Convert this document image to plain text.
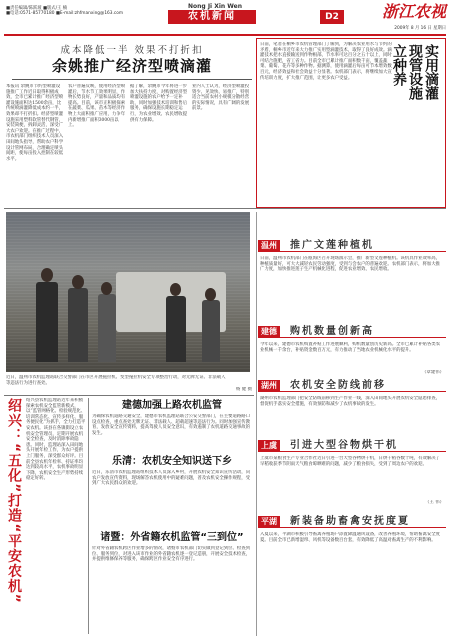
■责任编辑/陈跃坡 ■版式/王 楠
■电话:0571-85770180 ■E-mail:zhfmanxing@163.com
Nong Ji Xin Wen
农机新闻	D2	浙江农视
2009年 8 月 16 日 星期日
成本降低一半 效果不打折扣
余姚推广经济型喷滴灌
本报讯 余姚市节约型喷灌设施推广工作近日取得积极成效，全市已累计推广经济型喷灌设施面积达1500余亩，比传统喷滴灌降低成本约一半，效果却不打折扣。经济型喷灌设施采用塑料软管替代钢管，安装简便，拆卸灵活，深受广大农户欢迎。在推广过程中，市农机部门组织技术人员深入田间地头指导，帮助农户科学设计管网布局，合理确定喷头间距，使每亩投入控制在较低水平。
农户普遍反映，使用经济型喷灌后，节水节工效果明显，作物长势良好，产量和品质均有提高。目前，该市正积极探索在蔬菜、瓜果、苗木等经济作物上大面积推广应用，力争年内新增推广面积3000亩以上。
据了解，余姚市今年将进一步加大扶持力度，对购置经济型喷灌设施的农户给予一定补助，同时加强技术培训和售后服务，确保设施长期稳定运行，为农业增效、农民增收提供有力保障。
业内人士认为，经济型喷灌投资少、见效快、易推广，特别适合当前农村小规模分散经营的实际情况，具有广阔的发展前景。
日前，笔者在桐乡市农机管理部门了解到，为解决农业用水与节约的矛盾，桐乡市近年来大力推广实用型滴灌技术，取得了良好成效。滴灌技术把水直接输送到作物根部，节水率可达百分之五十以上，同时可结合施肥，省工省力。目前全市已累计推广面积数千亩，覆盖蔬菜、葡萄、花卉等多种作物。据测算，使用滴灌后每亩可节本增效数百元，经济效益和社会效益十分显著。农机部门表示，将继续加大宣传培训力度，扩大推广范围，让更多农户受益。	实用滴灌
现管设施
立种养
近日，温州市农机监理站联合交警部门在市区开展拖拉机、变型拖拉机安全专项整治行动，对无牌无证、非法载人等违法行为进行查处。
杨 健 摄
绍兴：“五化”打造“平安农机” 绍兴县农机监理站近年来积极探索农机安全监管新模式，以“监管网格化、检验规范化、培训常态化、宣传多样化、服务便民化”为抓手，全力打造平安农机。该县在各镇街设立农机安全管理员，定期开展农机安全检查，及时消除事故隐患。同时，监理站深入田间地头开展年检工作，为农户提供上门服务，深受群众好评。目前全县农机年检率、持证率均达到较高水平，农机事故明显下降，农机安全生产形势持续稳定好转。
建德加强上路农机监管
为确保农机道路交通安全，建德市农机监理站联合公安交警部门，在主要道路路口设点检查，重点查处无牌无证、非法载人、超载超速等违法行为。同时加强宣传教育，发放安全宣传资料，提高驾驶人员安全意识，有效遏制了农机道路交通事故的发生。
乐清：农机安全知识送下乡
近日，乐清市农机监理站组织技术人员深入乡村，开展农机安全知识宣传活动，向农户发放宣传资料，现场解答农机使用中的疑难问题，普及农机安全操作规程，受到广大农民群众的欢迎。
诸暨：外省籍农机监管“三到位”
针对外省籍农机跨区作业增多的情况，诸暨市农机部门切实做到登记到位、检查到位、服务到位，对进入该市作业的外省籍农机逐一登记造册，开展安全技术检查，并提供维修保养等服务，确保跨区作业安全有序进行。
温州	推广文莲种植机
日前，温州市农机部门在瓯海区召开现场演示会，推广新型文莲种植机。该机具作业效率高，种植质量好，可大大减轻农民劳动强度，受到与会农户的普遍欢迎。农机部门表示，将加大推广力度，加快推进莲子生产机械化进程，促进农业增效、农民增收。
建德	购机数量创新高
今年以来，建德市农机购置补贴工作进展顺利，购机数量创历史新高。全市已累计补贴各类农业机械一千余台，补贴资金数百万元，有力推动了当地农业机械化水平的提升。
（章建伟）
湖州	农机安全防线前移
湖州市农机监理部门把安全防线前移到生产作业一线，深入田间地头开展农机安全隐患排查，督促机手落实安全措施，有效预防和减少了农机事故的发生。
上虞	引进大型谷物烘干机
上虞市某粮食生产专业合作社近日引进一台大型谷物烘干机，日烘干稻谷数十吨，有效解决了早稻收获季节阴雨天气粮食晾晒难的问题，减少了粮食损失，受到了周边农户的欢迎。
（王 伟）
平湖	新装备助畜禽安抚度夏
入夏以来，平湖市积极引导畜禽养殖场户添置降温通风设备，改善养殖环境，帮助畜禽安全度夏。目前全市已新增湿帘、风机等设备数百台套，有效降低了高温对畜禽生产的不利影响。
